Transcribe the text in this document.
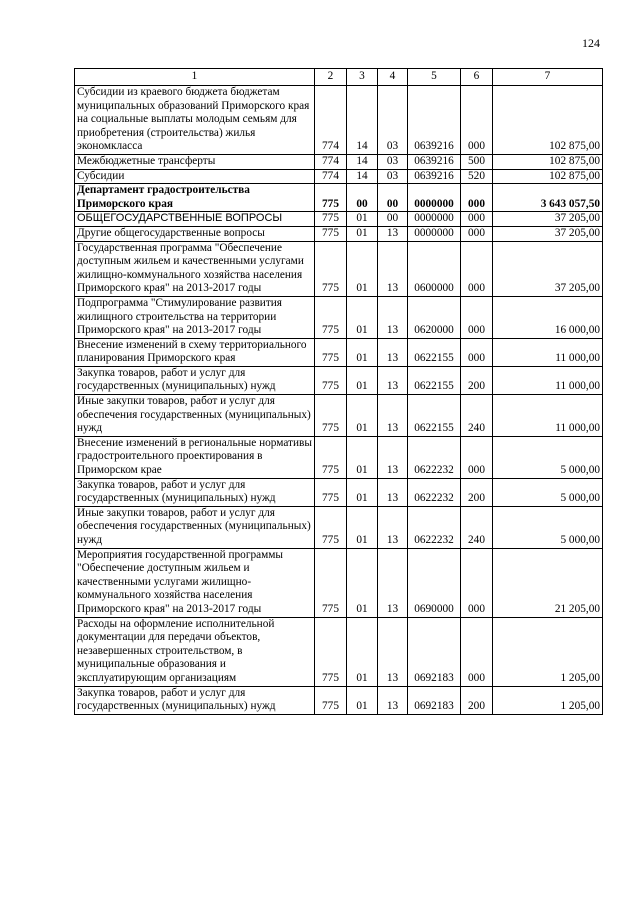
124
1	2	3	4	5	6	7
Субсидии из краевого бюджета бюджетам муниципальных образований Приморского края на социальные выплаты молодым семьям для приобретения (строительства) жилья экономкласса	774	14	03	0639216	000	102 875,00
Межбюджетные трансферты	774	14	03	0639216	500	102 875,00
Субсидии	774	14	03	0639216	520	102 875,00
Департамент градостроительства Приморского края	775	00	00	0000000	000	3 643 057,50
ОБЩЕГОСУДАРСТВЕННЫЕ ВОПРОСЫ	775	01	00	0000000	000	37 205,00
Другие общегосударственные вопросы	775	01	13	0000000	000	37 205,00
Государственная программа "Обеспечение доступным жильем и качественными услугами жилищно-коммунального хозяйства населения Приморского края" на 2013-2017 годы	775	01	13	0600000	000	37 205,00
Подпрограмма "Стимулирование развития жилищного строительства на территории Приморского края" на 2013-2017 годы	775	01	13	0620000	000	16 000,00
Внесение изменений в схему территориального планирования Приморского края	775	01	13	0622155	000	11 000,00
Закупка товаров, работ и услуг для государственных (муниципальных) нужд	775	01	13	0622155	200	11 000,00
Иные закупки товаров, работ и услуг для обеспечения государственных (муниципальных) нужд	775	01	13	0622155	240	11 000,00
Внесение изменений в региональные нормативы градостроительного проектирования в Приморском крае	775	01	13	0622232	000	5 000,00
Закупка товаров, работ и услуг для государственных (муниципальных) нужд	775	01	13	0622232	200	5 000,00
Иные закупки товаров, работ и услуг для обеспечения государственных (муниципальных) нужд	775	01	13	0622232	240	5 000,00
Мероприятия государственной программы "Обеспечение доступным жильем и качественными услугами жилищно-коммунального хозяйства населения Приморского края" на 2013-2017 годы	775	01	13	0690000	000	21 205,00
Расходы на оформление исполнительной документации для передачи объектов, незавершенных строительством, в муниципальные образования и эксплуатирующим организациям	775	01	13	0692183	000	1 205,00
Закупка товаров, работ и услуг для государственных (муниципальных) нужд	775	01	13	0692183	200	1 205,00
